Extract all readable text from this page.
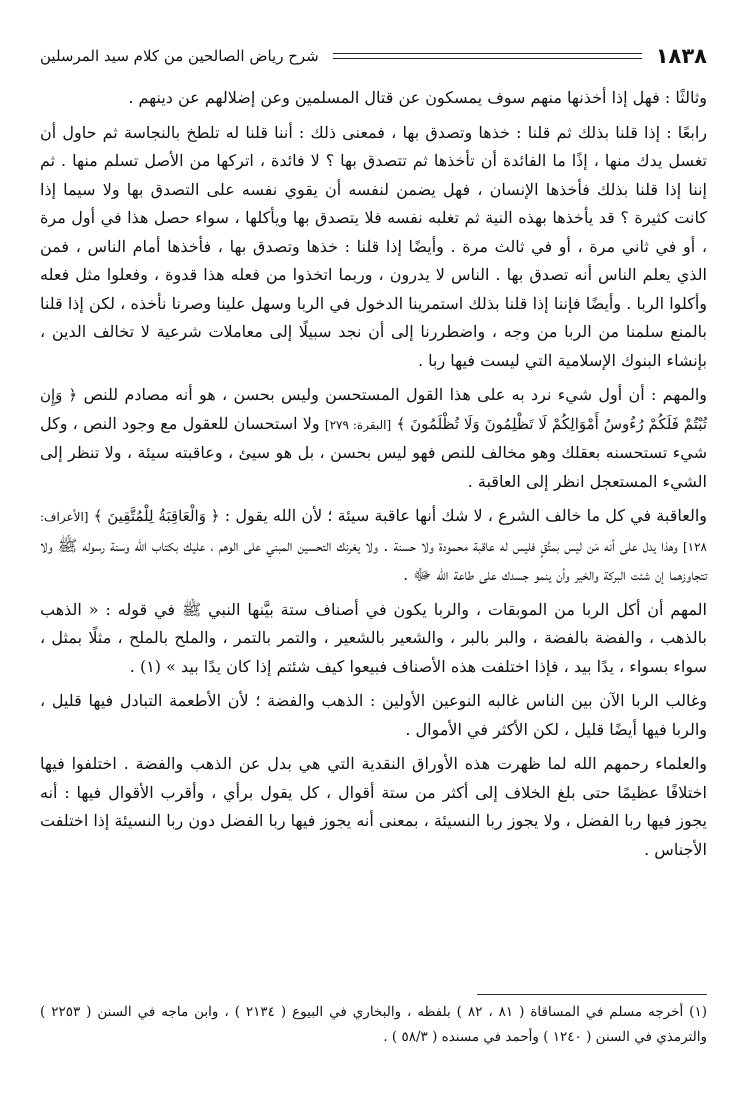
١٨٣٨
شرح رياض الصالحين من كلام سيد المرسلين

وثالثًا : فهل إذا أخذنها منهم سوف يمسكون عن قتال المسلمين وعن إضلالهم عن دينهم .

رابعًا : إذا قلنا بذلك ثم قلنا : خذها وتصدق بها ، فمعنى ذلك : أننا قلنا له تلطخ بالنجاسة ثم حاول أن تغسل يدك منها ، إذًا ما الفائدة أن تأخذها ثم تتصدق بها ؟ لا فائدة ، اتركها من الأصل تسلم منها . ثم إننا إذا قلنا بذلك فأخذها الإنسان ، فهل يضمن لنفسه أن يقوي نفسه على التصدق بها ولا سيما إذا كانت كثيرة ؟ قد يأخذها بهذه النية ثم تغلبه نفسه فلا يتصدق بها ويأكلها ، سواء حصل هذا في أول مرة ، أو في ثاني مرة ، أو في ثالث مرة . وأيضًا إذا قلنا : خذها وتصدق بها ، فأخذها أمام الناس ، فمن الذي يعلم الناس أنه تصدق بها . الناس لا يدرون ، وربما اتخذوا من فعله هذا قدوة ، وفعلوا مثل فعله وأكلوا الربا . وأيضًا فإننا إذا قلنا بذلك استمرينا الدخول في الربا وسهل علينا وصرنا نأخذه ، لكن إذا قلنا بالمنع سلمنا من الربا من وجه ، واضطررنا إلى أن نجد سبيلًا إلى معاملات شرعية لا تخالف الدين ، بإنشاء البنوك الإسلامية التي ليست فيها ربا .

والمهم : أن أول شيء نرد به على هذا القول المستحسن وليس بحسن ، هو أنه مصادم للنص ﴿ وَإِن تُبْتُمْ فَلَكُمْ رُءُوسُ أَمْوَالِكُمْ لَا تَظْلِمُونَ وَلَا تُظْلَمُونَ ﴾ [البقرة: ٢٧٩] ولا استحسان للعقول مع وجود النص ، وكل شيء تستحسنه بعقلك وهو مخالف للنص فهو ليس بحسن ، بل هو سيئ ، وعاقبته سيئة ، ولا تنظر إلى الشيء المستعجل انظر إلى العاقبة .

والعاقبة في كل ما خالف الشرع ، لا شك أنها عاقبة سيئة ؛ لأن الله يقول : ﴿ وَالْعَاقِبَةُ لِلْمُتَّقِينَ ﴾ [الأعراف: ١٢٨] وهذا يدل على أنه مَن ليس بمتَّقٍ فليس له عاقبة محمودة ولا حسنة . ولا يغرنك التحسين المبني على الوهم ، عليك بكتاب الله وسنة رسوله ﷺ ولا تتجاوزهما إن شئت البركة والخير وأن ينمو جسدك على طاعة الله ﷻ .

المهم أن أكل الربا من الموبقات ، والربا يكون في أصناف ستة بيَّنها النبي ﷺ في قوله : « الذهب بالذهب ، والفضة بالفضة ، والبر بالبر ، والشعير بالشعير ، والتمر بالتمر ، والملح بالملح ، مثلًا بمثل ، سواء بسواء ، يدًا بيد ، فإذا اختلفت هذه الأصناف فبيعوا كيف شئتم إذا كان يدًا بيد » (١) .

وغالب الربا الآن بين الناس غالبه النوعين الأولين : الذهب والفضة ؛ لأن الأطعمة التبادل فيها قليل ، والربا فيها أيضًا قليل ، لكن الأكثر في الأموال .

والعلماء رحمهم الله لما ظهرت هذه الأوراق النقدية التي هي بدل عن الذهب والفضة . اختلفوا فيها اختلافًا عظيمًا حتى بلغ الخلاف إلى أكثر من ستة أقوال ، كل يقول برأي ، وأقرب الأقوال فيها : أنه يجوز فيها ربا الفضل ، ولا يجوز ربا النسيئة ، بمعنى أنه يجوز فيها ربا الفضل دون ربا النسيئة إذا اختلفت الأجناس .

(١) أخرجه مسلم في المساقاة ( ٨١ ، ٨٢ ) بلفظه ، والبخاري في البيوع ( ٢١٣٤ ) ، وابن ماجه في السنن ( ٢٢٥٣ ) والترمذي في السنن ( ١٢٤٠ ) وأحمد في مسنده ( ٥٨/٣ ) .
